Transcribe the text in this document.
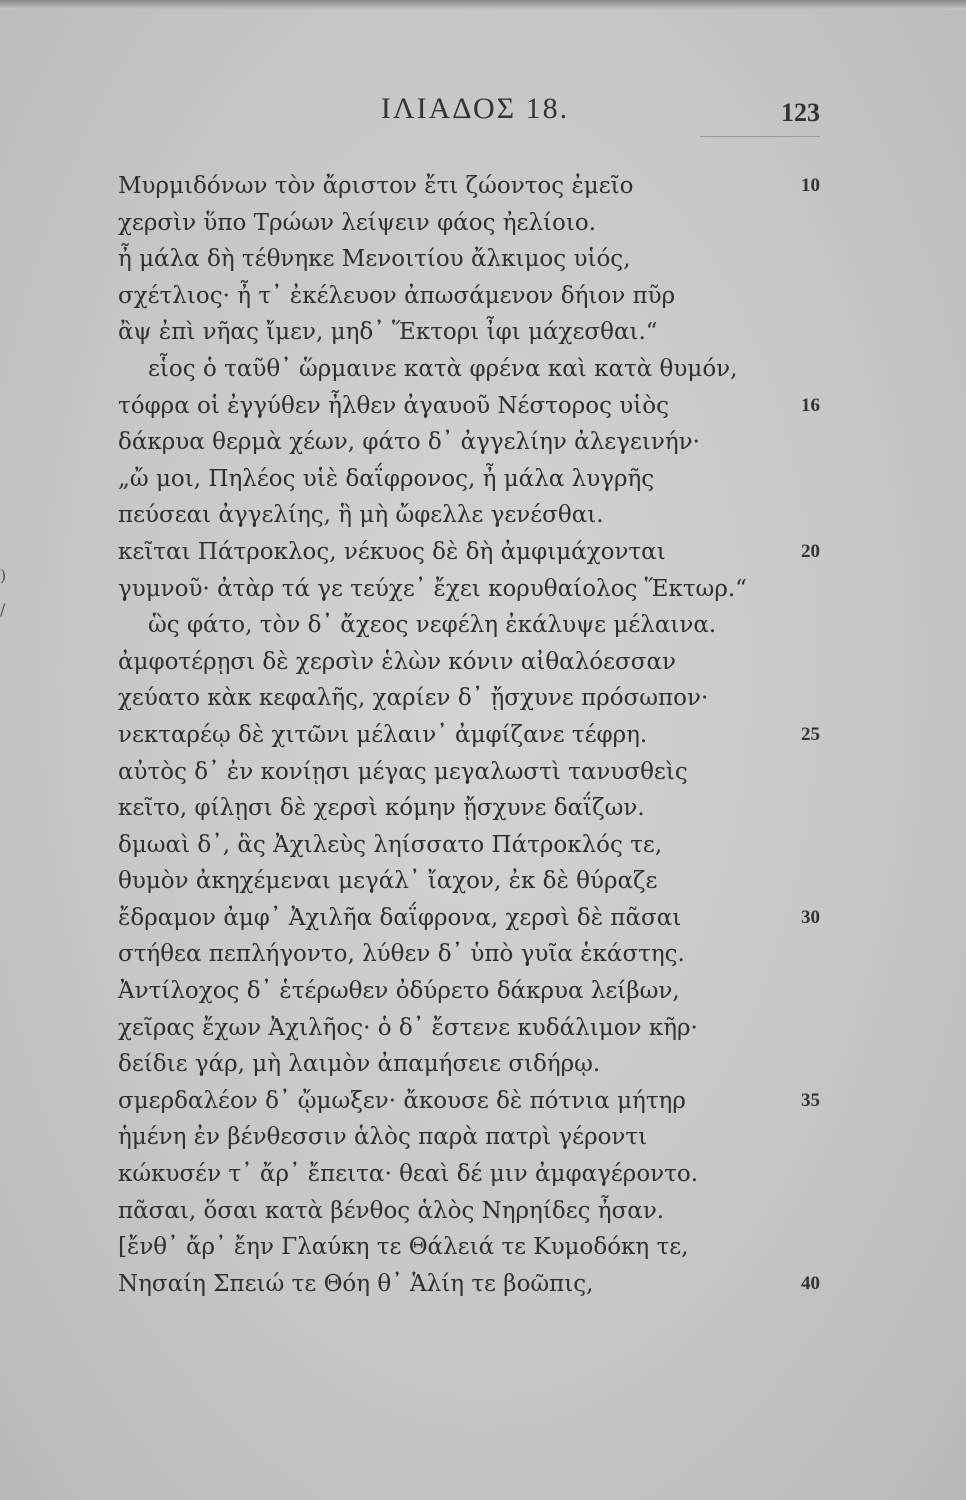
ΙΛΙΑΔΟΣ 18.	123
)
/
Μυρμιδόνων τὸν ἄριστον ἔτι ζώοντος ἐμεῖο	10
χερσὶν ὕπο Τρώων λείψειν φάος ἠελίοιο.
ἦ μάλα δὴ τέθνηκε Μενοιτίου ἄλκιμος υἱός,
σχέτλιος· ἦ τ᾽ ἐκέλευον ἀπωσάμενον δήιον πῦρ
ἂψ ἐπὶ νῆας ἴμεν, μηδ᾽ Ἕκτορι ἶφι μάχεσθαι.“
εἷος ὁ ταῦθ᾽ ὥρμαινε κατὰ φρένα καὶ κατὰ θυμόν,
τόφρα οἱ ἐγγύθεν ἦλθεν ἀγαυοῦ Νέστορος υἱὸς	16
δάκρυα θερμὰ χέων, φάτο δ᾽ ἀγγελίην ἀλεγεινήν·
„ὤ μοι, Πηλέος υἱὲ δαΐφρονος, ἦ μάλα λυγρῆς
πεύσεαι ἀγγελίης, ἣ μὴ ὤφελλε γενέσθαι.
κεῖται Πάτροκλος, νέκυος δὲ δὴ ἀμφιμάχονται	20
γυμνοῦ· ἀτὰρ τά γε τεύχε᾽ ἔχει κορυθαίολος Ἕκτωρ.“
ὣς φάτο, τὸν δ᾽ ἄχεος νεφέλη ἐκάλυψε μέλαινα.
ἀμφοτέρῃσι δὲ χερσὶν ἑλὼν κόνιν αἰθαλόεσσαν
χεύατο κὰκ κεφαλῆς, χαρίεν δ᾽ ᾔσχυνε πρόσωπον·
νεκταρέῳ δὲ χιτῶνι μέλαιν᾽ ἀμφίζανε τέφρη.	25
αὐτὸς δ᾽ ἐν κονίῃσι μέγας μεγαλωστὶ τανυσθεὶς
κεῖτο, φίλῃσι δὲ χερσὶ κόμην ᾔσχυνε δαΐζων.
δμωαὶ δ᾽, ἃς Ἀχιλεὺς ληίσσατο Πάτροκλός τε,
θυμὸν ἀκηχέμεναι μεγάλ᾽ ἴαχον, ἐκ δὲ θύραζε
ἔδραμον ἀμφ᾽ Ἀχιλῆα δαΐφρονα, χερσὶ δὲ πᾶσαι	30
στήθεα πεπλήγοντο, λύθεν δ᾽ ὑπὸ γυῖα ἑκάστης.
Ἀντίλοχος δ᾽ ἑτέρωθεν ὀδύρετο δάκρυα λείβων,
χεῖρας ἔχων Ἀχιλῆος· ὁ δ᾽ ἔστενε κυδάλιμον κῆρ·
δείδιε γάρ, μὴ λαιμὸν ἀπαμήσειε σιδήρῳ.
σμερδαλέον δ᾽ ᾤμωξεν· ἄκουσε δὲ πότνια μήτηρ	35
ἡμένη ἐν βένθεσσιν ἁλὸς παρὰ πατρὶ γέροντι
κώκυσέν τ᾽ ἄρ᾽ ἔπειτα· θεαὶ δέ μιν ἀμφαγέροντο.
πᾶσαι, ὅσαι κατὰ βένθος ἁλὸς Νηρηίδες ἦσαν.
[ἔνθ᾽ ἄρ᾽ ἔην Γλαύκη τε Θάλειά τε Κυμοδόκη τε,
Νησαίη Σπειώ τε Θόη θ᾽ Ἁλίη τε βοῶπις,	40
